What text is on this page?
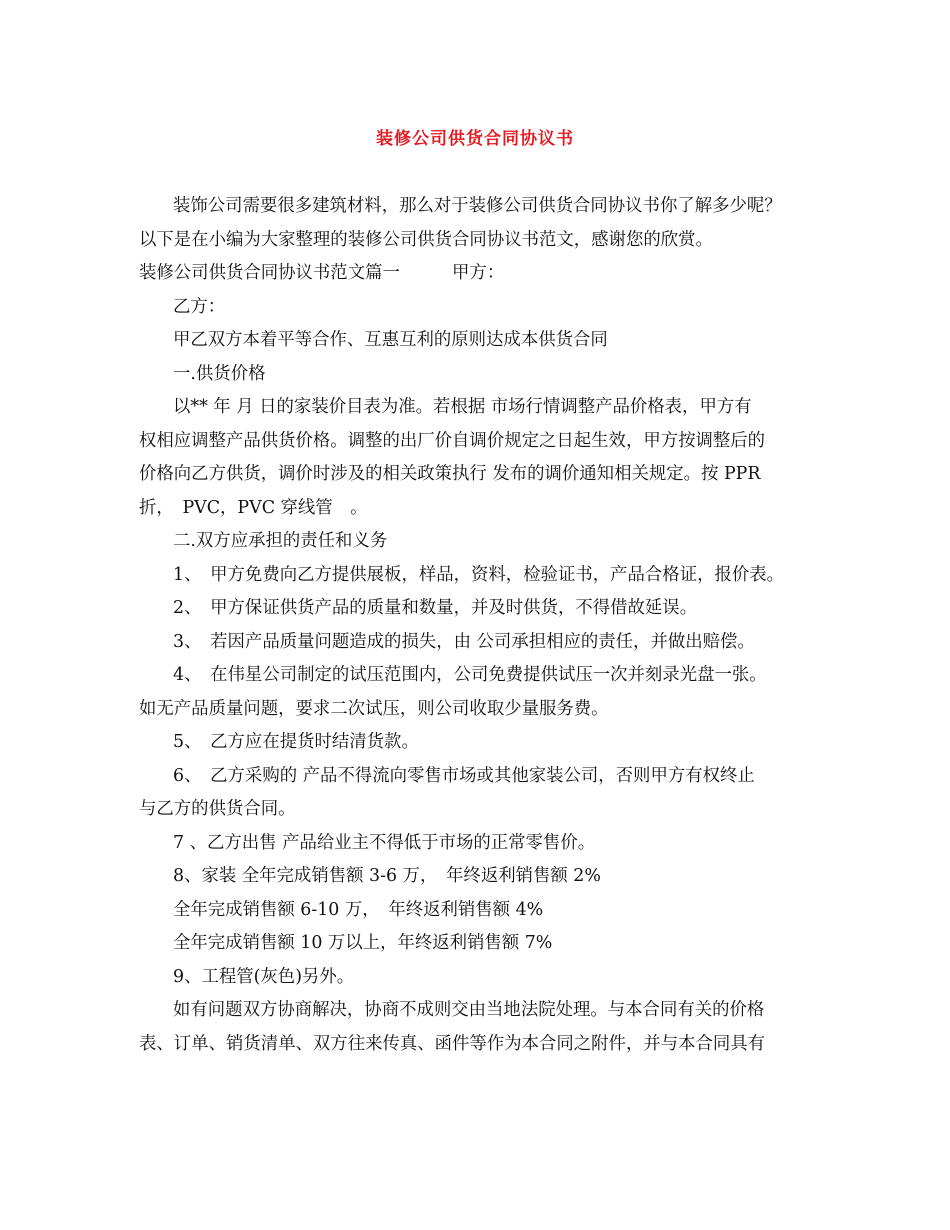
装修公司供货合同协议书
装饰公司需要很多建筑材料，那么对于装修公司供货合同协议书你了解多少呢？
以下是在小编为大家整理的装修公司供货合同协议书范文，感谢您的欣赏。
装修公司供货合同协议书范文篇一　　　甲方：
乙方：
甲乙双方本着平等合作、互惠互利的原则达成本供货合同
一.供货价格
以** 年 月 日的家装价目表为准。若根据 市场行情调整产品价格表，甲方有
权相应调整产品供货价格。调整的出厂价自调价规定之日起生效，甲方按调整后的
价格向乙方供货，调价时涉及的相关政策执行 发布的调价通知相关规定。按 PPR
折，　PVC，PVC 穿线管　。
二.双方应承担的责任和义务
1、　甲方免费向乙方提供展板，样品，资料，检验证书，产品合格证，报价表。
2、　甲方保证供货产品的质量和数量，并及时供货，不得借故延误。
3、　若因产品质量问题造成的损失，由 公司承担相应的责任，并做出赔偿。
4、　在伟星公司制定的试压范围内，公司免费提供试压一次并刻录光盘一张。
如无产品质量问题，要求二次试压，则公司收取少量服务费。
5、　乙方应在提货时结清货款。
6、　乙方采购的 产品不得流向零售市场或其他家装公司，否则甲方有权终止
与乙方的供货合同。
7 、乙方出售 产品给业主不得低于市场的正常零售价。
8、家装 全年完成销售额 3-6 万，　年终返利销售额 2%
全年完成销售额 6-10 万，　年终返利销售额 4%
全年完成销售额 10 万以上，年终返利销售额 7%
9、工程管(灰色)另外。
如有问题双方协商解决，协商不成则交由当地法院处理。与本合同有关的价格
表、订单、销货清单、双方往来传真、函件等作为本合同之附件，并与本合同具有
